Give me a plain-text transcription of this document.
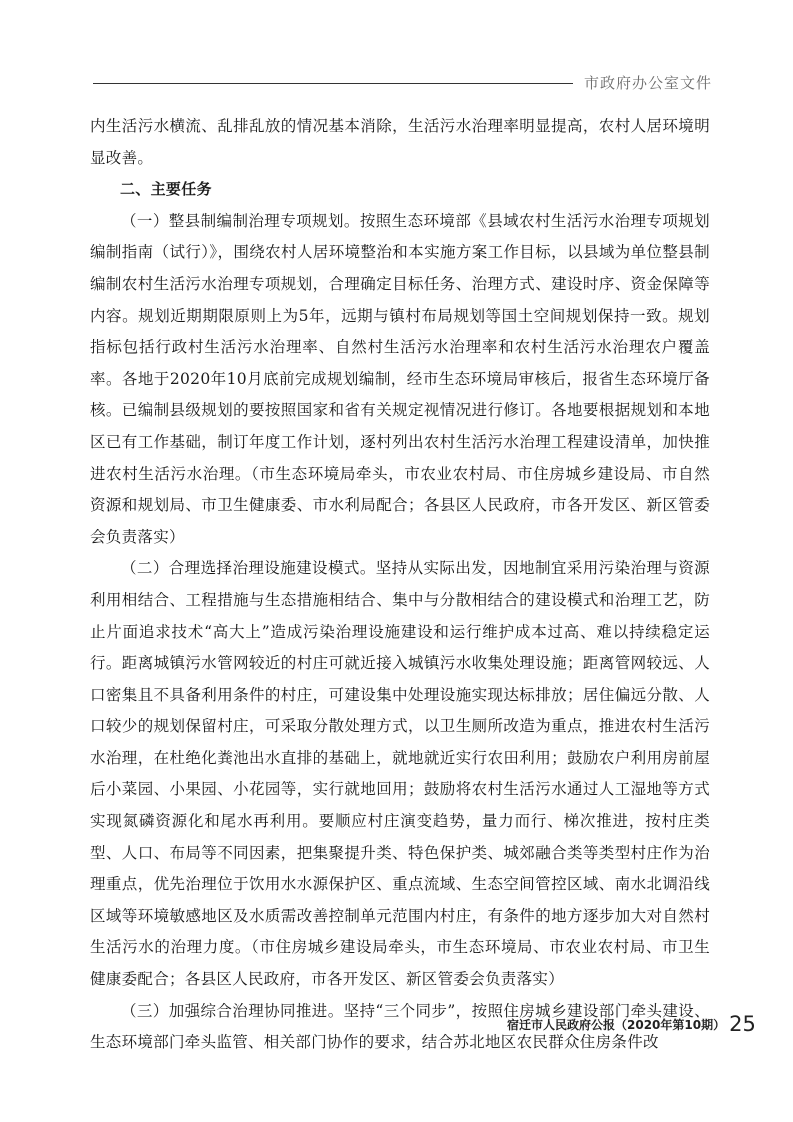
市政府办公室文件

内生活污水横流、乱排乱放的情况基本消除，生活污水治理率明显提高，农村人居环境明显改善。

二、主要任务

（一）整县制编制治理专项规划。按照生态环境部《县域农村生活污水治理专项规划编制指南（试行）》，围绕农村人居环境整治和本实施方案工作目标，以县域为单位整县制编制农村生活污水治理专项规划，合理确定目标任务、治理方式、建设时序、资金保障等内容。规划近期期限原则上为5年，远期与镇村布局规划等国土空间规划保持一致。规划指标包括行政村生活污水治理率、自然村生活污水治理率和农村生活污水治理农户覆盖率。各地于2020年10月底前完成规划编制，经市生态环境局审核后，报省生态环境厅备核。已编制县级规划的要按照国家和省有关规定视情况进行修订。各地要根据规划和本地区已有工作基础，制订年度工作计划，逐村列出农村生活污水治理工程建设清单，加快推进农村生活污水治理。（市生态环境局牵头，市农业农村局、市住房城乡建设局、市自然资源和规划局、市卫生健康委、市水利局配合；各县区人民政府，市各开发区、新区管委会负责落实）

（二）合理选择治理设施建设模式。坚持从实际出发，因地制宜采用污染治理与资源利用相结合、工程措施与生态措施相结合、集中与分散相结合的建设模式和治理工艺，防止片面追求技术“高大上”造成污染治理设施建设和运行维护成本过高、难以持续稳定运行。距离城镇污水管网较近的村庄可就近接入城镇污水收集处理设施；距离管网较远、人口密集且不具备利用条件的村庄，可建设集中处理设施实现达标排放；居住偏远分散、人口较少的规划保留村庄，可采取分散处理方式，以卫生厕所改造为重点，推进农村生活污水治理，在杜绝化粪池出水直排的基础上，就地就近实行农田利用；鼓励农户利用房前屋后小菜园、小果园、小花园等，实行就地回用；鼓励将农村生活污水通过人工湿地等方式实现氮磷资源化和尾水再利用。要顺应村庄演变趋势，量力而行、梯次推进，按村庄类型、人口、布局等不同因素，把集聚提升类、特色保护类、城郊融合类等类型村庄作为治理重点，优先治理位于饮用水水源保护区、重点流域、生态空间管控区域、南水北调沿线区域等环境敏感地区及水质需改善控制单元范围内村庄，有条件的地方逐步加大对自然村生活污水的治理力度。（市住房城乡建设局牵头，市生态环境局、市农业农村局、市卫生健康委配合；各县区人民政府，市各开发区、新区管委会负责落实）

（三）加强综合治理协同推进。坚持“三个同步”，按照住房城乡建设部门牵头建设、生态环境部门牵头监管、相关部门协作的要求，结合苏北地区农民群众住房条件改

宿迁市人民政府公报（2020年第10期） 25
